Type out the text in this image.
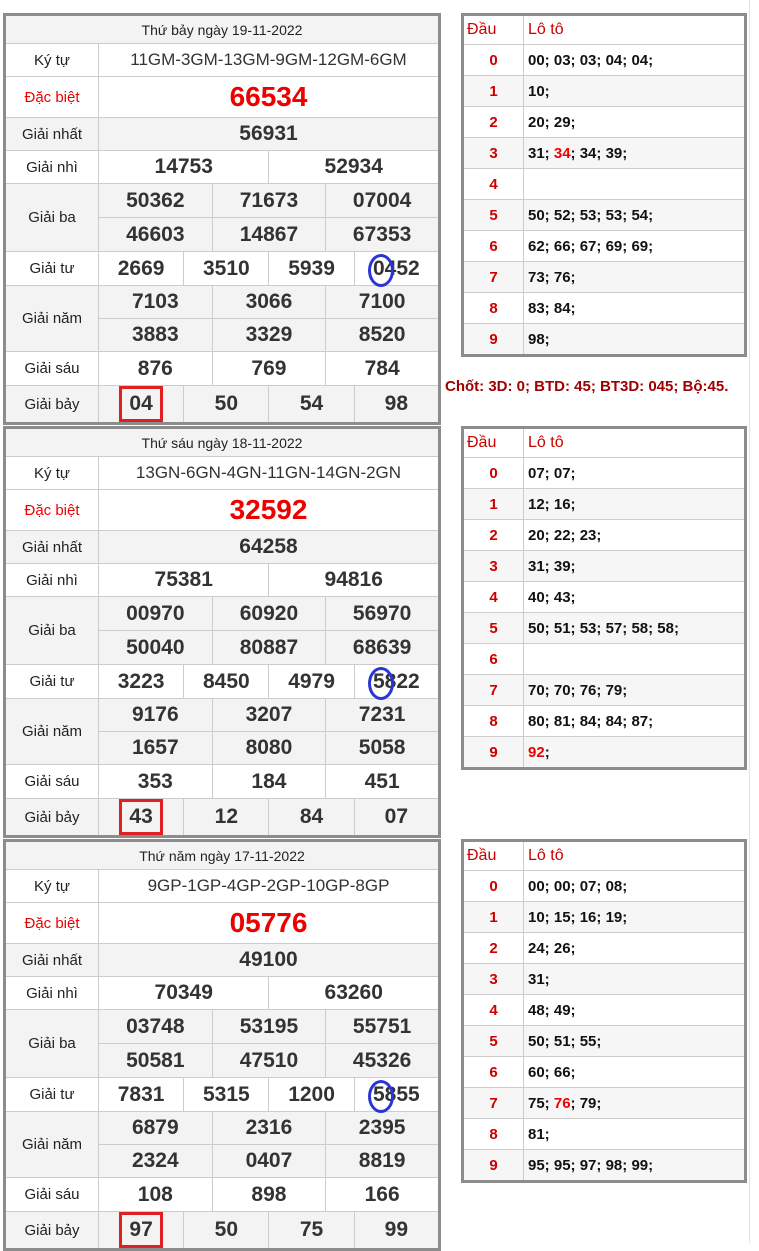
Thứ bảy ngày 19-11-2022						
Ký tự	11GM-3GM-13GM-9GM-12GM-6GM					
Đặc biệt	66534					
Giải nhất	56931					
Giải nhì	14753			52934		
Giải ba	50362		71673		07004	
	46603		14867		67353	
Giải tư	2669	3510		5939		0452
Giải năm	7103		3066		7100	
	3883		3329		8520	
Giải sáu	876		769		784	
Giải bảy	04	50		54		98
Đầu	Lô tô
0	00; 03; 03; 04; 04;
1	10;
2	20; 29;
3	31; 34; 34; 39;
4	
5	50; 52; 53; 53; 54;
6	62; 66; 67; 69; 69;
7	73; 76;
8	83; 84;
9	98;
Thứ sáu ngày 18-11-2022						
Ký tự	13GN-6GN-4GN-11GN-14GN-2GN					
Đặc biệt	32592					
Giải nhất	64258					
Giải nhì	75381			94816		
Giải ba	00970		60920		56970	
	50040		80887		68639	
Giải tư	3223	8450		4979		5822
Giải năm	9176		3207		7231	
	1657		8080		5058	
Giải sáu	353		184		451	
Giải bảy	43	12		84		07
Đầu	Lô tô
0	07; 07;
1	12; 16;
2	20; 22; 23;
3	31; 39;
4	40; 43;
5	50; 51; 53; 57; 58; 58;
6	
7	70; 70; 76; 79;
8	80; 81; 84; 84; 87;
9	92;
Thứ năm ngày 17-11-2022						
Ký tự	9GP-1GP-4GP-2GP-10GP-8GP					
Đặc biệt	05776					
Giải nhất	49100					
Giải nhì	70349			63260		
Giải ba	03748		53195		55751	
	50581		47510		45326	
Giải tư	7831	5315		1200		5855
Giải năm	6879		2316		2395	
	2324		0407		8819	
Giải sáu	108		898		166	
Giải bảy	97	50		75		99
Đầu	Lô tô
0	00; 00; 07; 08;
1	10; 15; 16; 19;
2	24; 26;
3	31;
4	48; 49;
5	50; 51; 55;
6	60; 66;
7	75; 76; 79;
8	81;
9	95; 95; 97; 98; 99;
Chốt: 3D: 0; BTD: 45; BT3D: 045; Bộ:45.
